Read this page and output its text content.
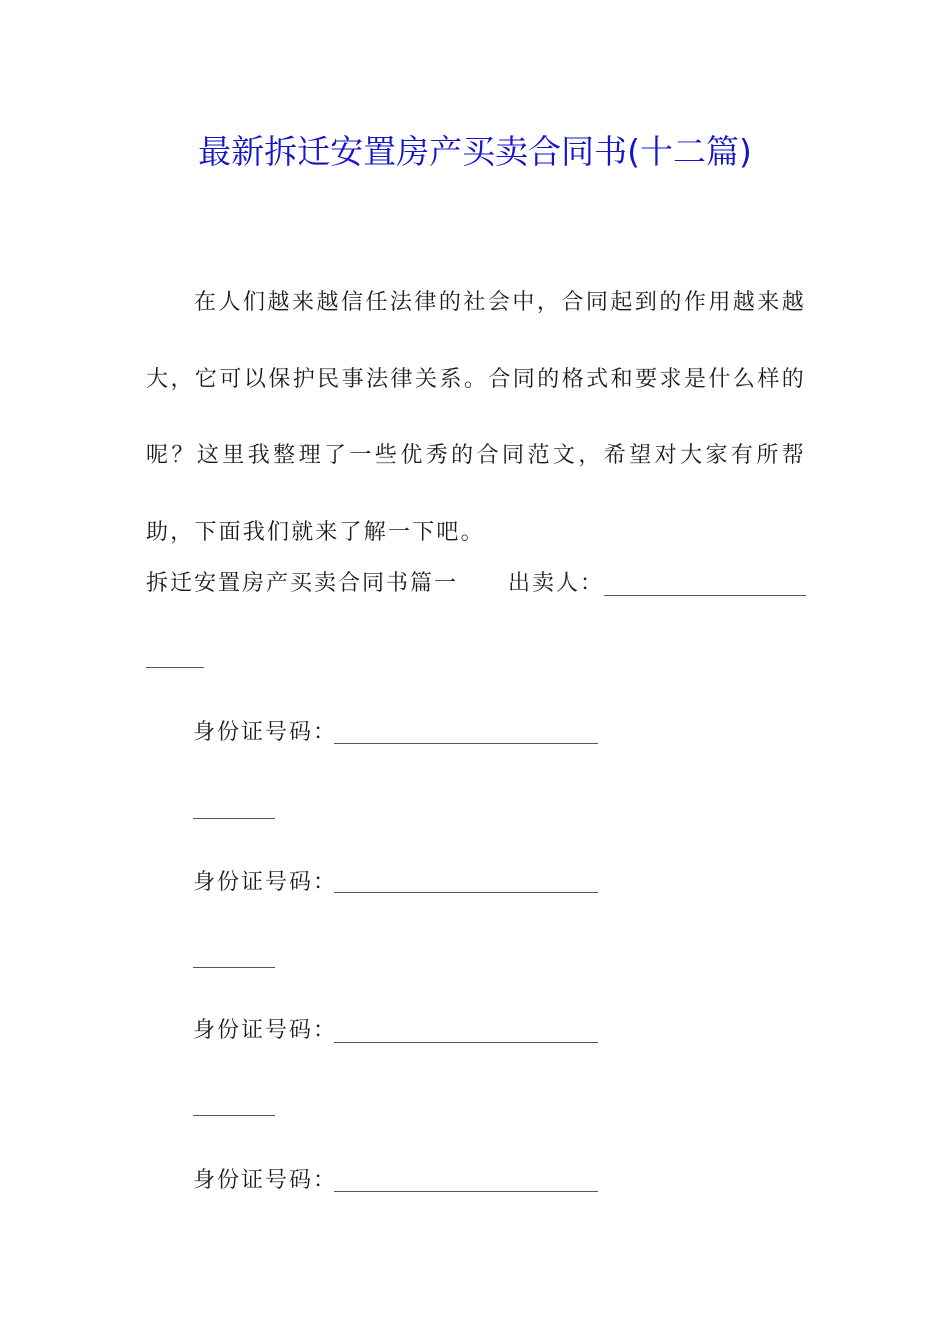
最新拆迁安置房产买卖合同书(十二篇)
在人们越来越信任法律的社会中，合同起到的作用越来越大，它可以保护民事法律关系。合同的格式和要求是什么样的呢？这里我整理了一些优秀的合同范文，希望对大家有所帮助，下面我们就来了解一下吧。
拆迁安置房产买卖合同书篇一 出卖人：
身份证号码：
身份证号码：
身份证号码：
身份证号码：
